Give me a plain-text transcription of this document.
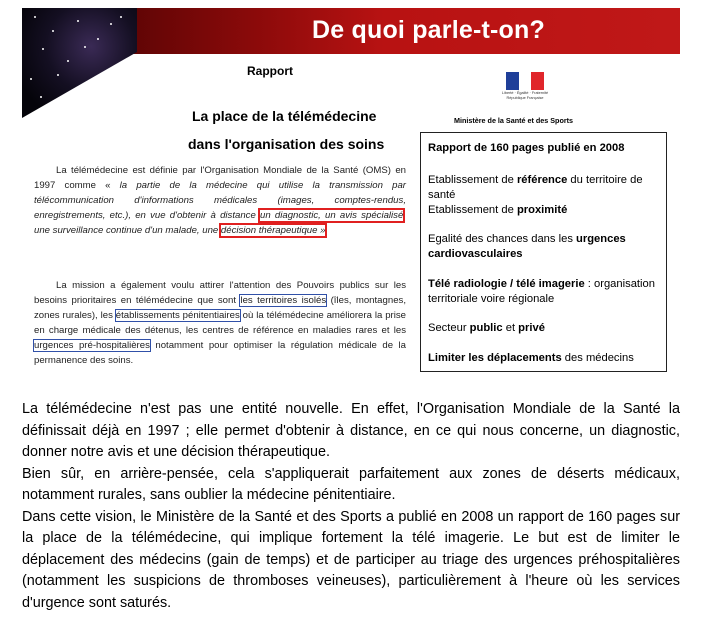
De quoi parle-t-on?
Rapport
La place de la télémédecine
dans l'organisation des soins
La télémédecine est définie par l'Organisation Mondiale de la Santé (OMS) en 1997 comme « la partie de la médecine qui utilise la transmission par télécommunication d'informations médicales (images, comptes-rendus, enregistrements, etc.), en vue d'obtenir à distance un diagnostic, un avis spécialisé, une surveillance continue d'un malade, une décision thérapeutique »
La mission a également voulu attirer l'attention des Pouvoirs publics sur les besoins prioritaires en télémédecine que sont les territoires isolés (îles, montagnes, zones rurales), les établissements pénitentiaires où la télémédecine améliorera la prise en charge médicale des détenus, les centres de référence en maladies rares et les urgences pré-hospitalières notamment pour optimiser la régulation médicale de la permanence des soins.
Liberté · Égalité · Fraternité
République Française
Ministère de la Santé et des Sports
Rapport de 160 pages publié en 2008
Etablissement de référence du territoire de santé
Etablissement de proximité
Egalité des chances dans les urgences cardiovasculaires
Télé radiologie / télé imagerie : organisation territoriale voire régionale
Secteur public et privé
Limiter les déplacements des médecins

La télémédecine n'est pas une entité nouvelle. En effet, l'Organisation Mondiale de la Santé la définissait déjà en 1997 ; elle permet d'obtenir à distance, en ce qui nous concerne, un diagnostic, donner notre avis et une décision thérapeutique.

Bien sûr, en arrière-pensée, cela s'appliquerait parfaitement aux zones de déserts médicaux, notamment rurales, sans oublier la médecine pénitentiaire.

Dans cette vision, le Ministère de la Santé et des Sports a publié en 2008 un rapport de 160 pages sur la place de la télémédecine, qui implique fortement la télé imagerie. Le but est de limiter le déplacement des médecins (gain de temps) et de participer au triage des urgences préhospitalières (notamment les suspicions de thromboses veineuses), particulièrement à l'heure où les services d'urgence sont saturés.
